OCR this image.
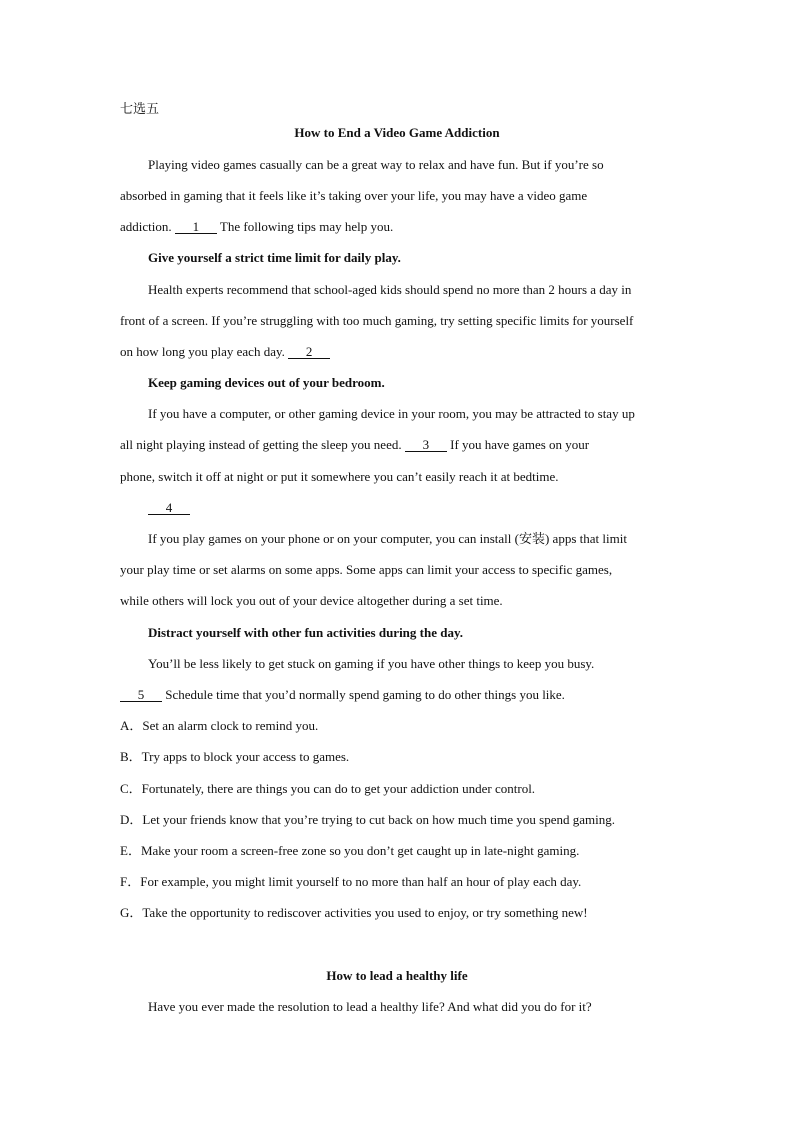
七选五
How to End a Video Game Addiction
Playing video games casually can be a great way to relax and have fun. But if you’re so
absorbed in gaming that it feels like it’s taking over your life, you may have a video game
addiction. 1 The following tips may help you.
Give yourself a strict time limit for daily play.
Health experts recommend that school-aged kids should spend no more than 2 hours a day in
front of a screen. If you’re struggling with too much gaming, try setting specific limits for yourself
on how long you play each day. 2
Keep gaming devices out of your bedroom.
If you have a computer, or other gaming device in your room, you may be attracted to stay up
all night playing instead of getting the sleep you need. 3 If you have games on your
phone, switch it off at night or put it somewhere you can’t easily reach it at bedtime.
4
If you play games on your phone or on your computer, you can install (安装) apps that limit
your play time or set alarms on some apps. Some apps can limit your access to specific games,
while others will lock you out of your device altogether during a set time.
Distract yourself with other fun activities during the day.
You’ll be less likely to get stuck on gaming if you have other things to keep you busy.
5 Schedule time that you’d normally spend gaming to do other things you like.
A．Set an alarm clock to remind you.
B．Try apps to block your access to games.
C．Fortunately, there are things you can do to get your addiction under control.
D．Let your friends know that you’re trying to cut back on how much time you spend gaming.
E．Make your room a screen-free zone so you don’t get caught up in late-night gaming.
F．For example, you might limit yourself to no more than half an hour of play each day.
G．Take the opportunity to rediscover activities you used to enjoy, or try something new!
How to lead a healthy life
Have you ever made the resolution to lead a healthy life? And what did you do for it?
